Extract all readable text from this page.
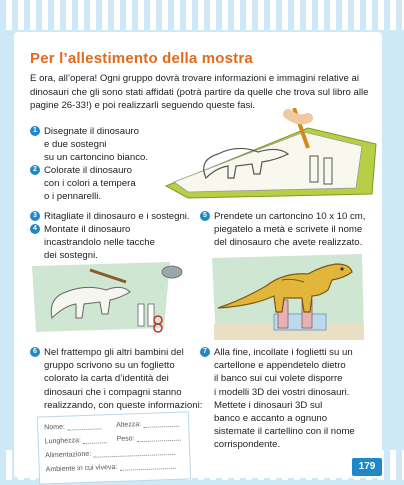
Per l’allestimento della mostra
E ora, all’opera! Ogni gruppo dovrà trovare informazioni e immagini relative ai dinosauri che gli sono stati affidati (potrà partire da quelle che trova sul libro alle pagine 26-33!) e poi realizzarli seguendo queste fasi.
1 Disegnate il dinosauro
e due sostegni
su un cartoncino bianco.
2 Colorate il dinosauro
con i colori a tempera
o i pennarelli.
3 Ritagliate il dinosauro e i sostegni.
4 Montate il dinosauro
incastrandolo nelle tacche
dei sostegni.
5 Prendete un cartoncino 10 x 10 cm,
piegatelo a metà e scrivete il nome
del dinosauro che avete realizzato.
6 Nel frattempo gli altri bambini del
gruppo scrivono su un foglietto
colorato la carta d’identità dei
dinosauri che i compagni stanno
realizzando, con queste informazioni:
7 Alla fine, incollate i foglietti su un
cartellone e appendetelo dietro
il banco sui cui volete disporre
i modelli 3D dei vostri dinosauri.
Mettete i dinosauri 3D sul
banco e accanto a ognuno
sistemate il cartellino con il nome
corrispondente.
Nome:	Altezza:
Lunghezza:	Peso:
Alimentazione:
Ambiente in cui viveva:	179
